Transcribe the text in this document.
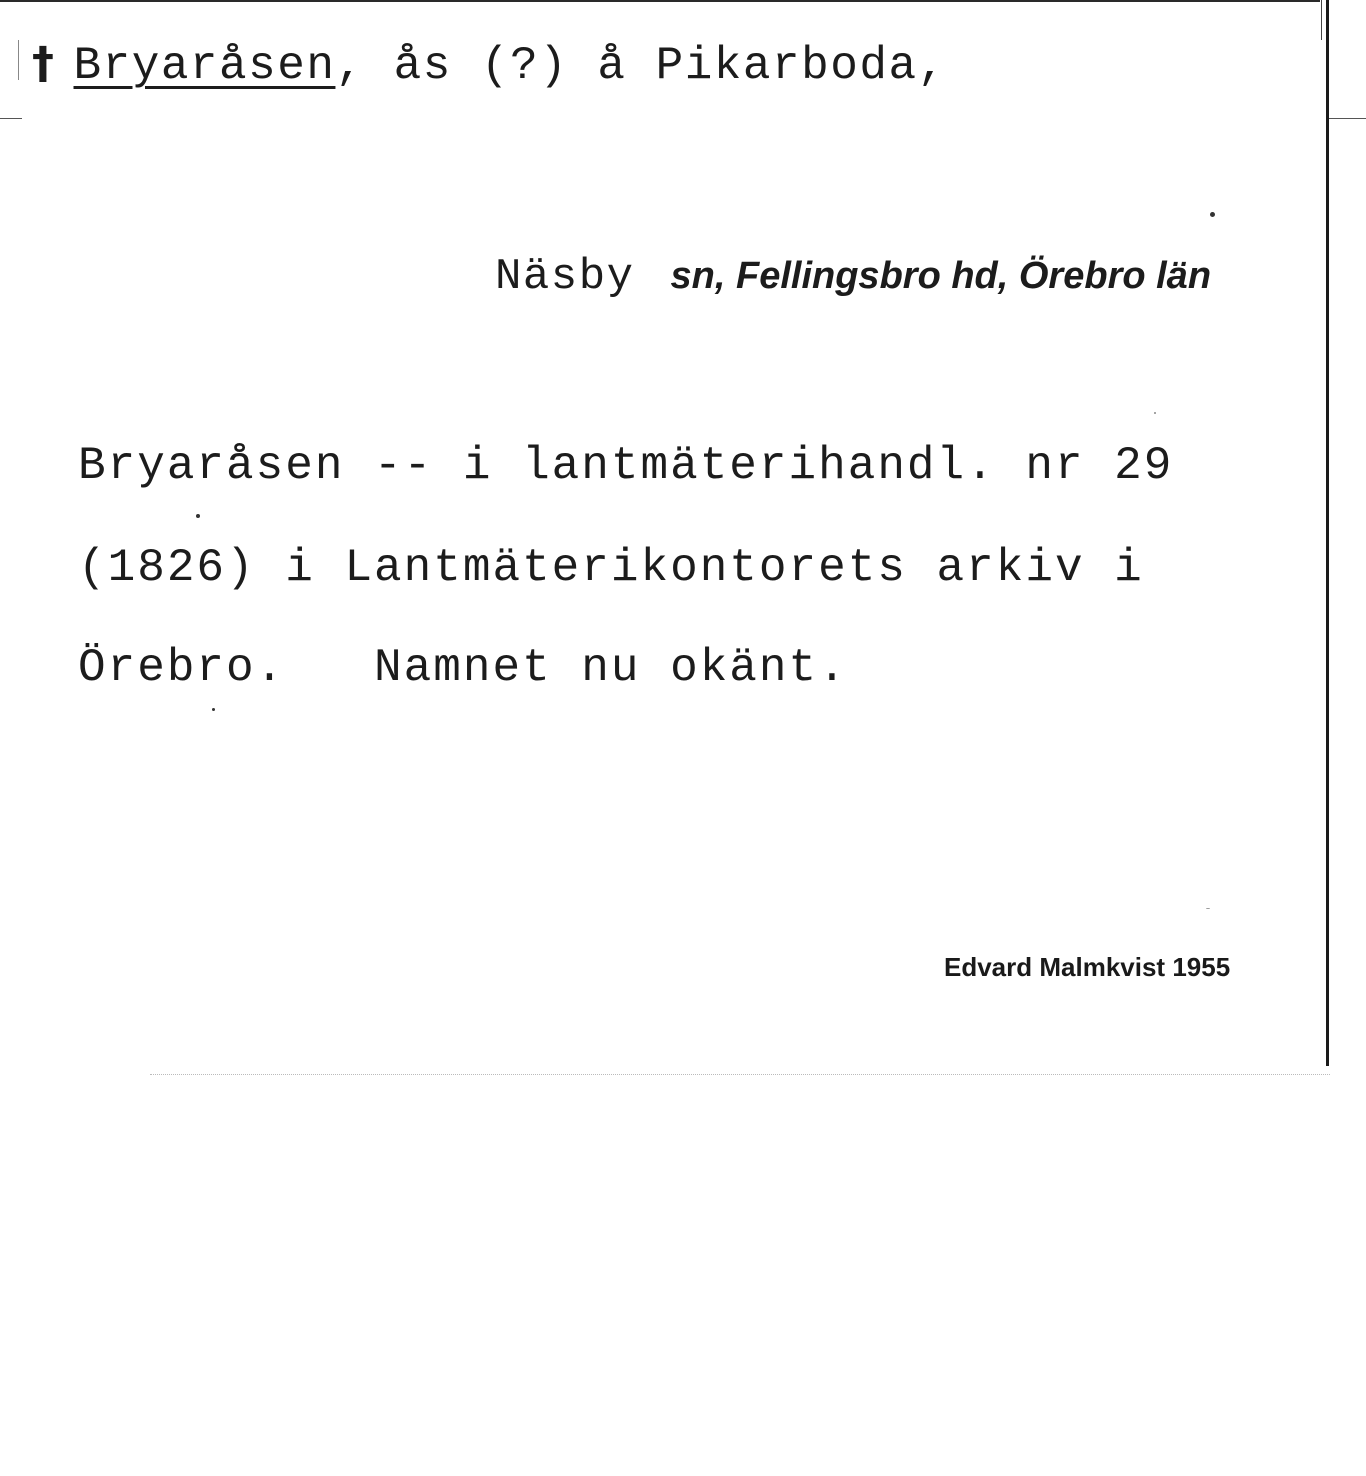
† Bryaråsen, ås (?) å Pikarboda,
Näsby sn, Fellingsbro hd, Örebro län
Bryaråsen -- i lantmäterihandl. nr 29
(1826) i Lantmäterikontorets arkiv i
Örebro.   Namnet nu okänt.
Edvard Malmkvist 1955
